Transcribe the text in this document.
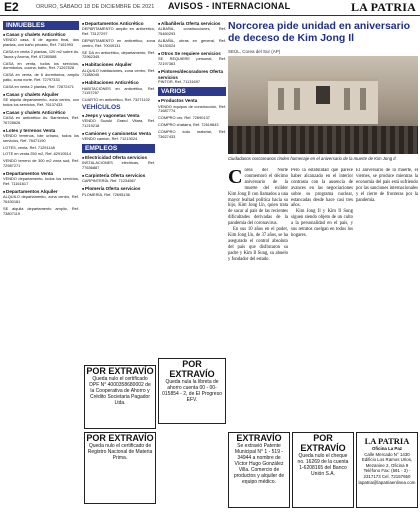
E2	ORURO, SÁBADO 18 DE DICIEMBRE DE 2021 AVISOS - INTERNACIONAL	LA PATRIA
INMUEBLES
■ Casas y chalets Anticrético
VENDO casa, 6 de agosto final, dos plantas, con baño privado, Ref. 7161993
CASA en venta 2 plantas, 120 m2 sobre Av. Tacna y Aroma, Ref. 67280588
CASA en venta, todos los servicios, dormitorios, cocina, baño, Ref. 71267528
CASA en venta, de 6 dormitorios, amplio patio, zona norte, Ref. 72797333
CASA en venta 2 plantas, Ref. 72672471
■ Casas y chalets Alquiler
SE alquila departamento, zona centro, con todos los servicios, Ref. 76137433
■ Casas y chalets Anticrético
CASA en anticrético Av. Barrientos, Ref. 76728626
■ Lotes y terrenos Venta
VENDO terrenos, lote urbano, todos los servicios, Ref. 78471190
LOTES, venta, Ref. 71291148
LOTE en venta 250 m2, Ref. 62910514
VENDO terreno de 300 m2 zona sud, Ref. 72987271
■ Departamentos Venta
VENDO departamento, todos los servicios, Ref. 71161617
■ Departamentos Alquiler
ALQUILO departamento, zona centro, Ref. 76430181
SE alquila departamento amplio, Ref. 73807119
■ Departamentos Anticrético
DEPARTAMENTO amplio en anticrético, Ref. 73127297
DEPARTAMENTO en anticrético, zona centro, Ref. 70049131
SE DA en anticrético, departamento, Ref. 72962345
■ Habitaciones Alquiler
ALQUILO habitaciones, zona centro, Ref. 71188045
■ Habitaciones Anticrético
HABITACIONES en anticrético, Ref. 71157257
CUARTO en anticrético, Ref. 73271102
VEHÍCULOS
■ Jeeps y vagonetas Venta
VENDO Suzuki Grand Vitara, Ref. 71219218
■ Camiones y camionetas Venta
VENDO camión, Ref. 71213024
EMPLEOS
■ Electricidad Oferta servicios
INSTALACIONES eléctricas, Ref. 77636887
■ Carpintería Oferta servicios
CARPINTERÍA, Ref. 71234567
■ Plomería Oferta servicios
PLOMERÍA, Ref. 72695136
■ Albañilería Oferta servicios
ALBAÑIL, construcciones, Ref. 75460293
ALBAÑIL, obras en general, Ref. 76130024
■ Otros Se requiere servicios
SE REQUIERE personal, Ref. 72197363
■ Pintores/decoradores Oferta servicios
PINTOR, Ref. 71131697
VARIOS
■ Productos Venta
VENDO equipos de construcción, Ref. 71687774
COMPRO oro, Ref. 72690137
COMPRO chatarra, Ref. 72619843
COMPRO todo material, Ref. 73627433
POR EXTRAVÍO
Queda nulo el certificado DPF N° 4000358680002 de la Cooperativa de Ahorro y Crédito Societaria Pagador Ltda.
POR EXTRAVÍO
Queda nula la libreta de ahorro cuenta 00 - 00-015854 - 2, de El Progreso EFV.
POR EXTRAVÍO
Queda nulo el certificado de Registro Nacional de Materia Prima.
EXTRAVÍO
Se extravió Patente Municipal N° 1 - 519 - 34944 a nombre de Víctor Hugo González Villa. Comercio de productos y alquiler de equipo médico.
POR EXTRAVÍO
Queda nulo el cheque no. 16269 de la cuenta 1-6208165 del Banco Unión S.A.
Norcorea pide unidad en aniversario de deceso de Kim Jong Il
SEÚL, Corea del Sur (AP)
Ciudadanos norcoreanos rinden homenaje en el aniversario de la muerte de Kim Jong Il.
Corea del Norte conmemoró el décimo aniversario de la muerte del exlíder Kim Jong Il con llamados a una mayor lealtad política hacia su hijo, Kim Jong Un, quien trata de sacar al país de las recientes dificultades derivadas de la pandemia del coronavirus.

En sus 10 años en el poder, Kim Jong Un, de 37 años, se ha asegurado el control absoluto del país que disfrutaron su padre y Kim Il Sung, su abuelo y fundador del estado.

Pero la estabilidad que parece haber alcanzado en el interior contrasta con la ausencia de avances en las negociaciones sobre su programa nuclear, estancadas desde hace casi tres años.

Kim Jong Il y Kim Il Sung siguen siendo objeto de un culto a la personalidad en el país, y sus retratos cuelgan en todos los hogares.

El aniversario de la muerte, el viernes, se produce mientras la economía del país está sufriendo por las sanciones internacionales y el cierre de fronteras por la pandemia.

LA PATRIA
Oficina La Paz
Calle Mercado N° 1430
Edificio Los Ramos Urios,
Mezanine 2, Oficina 9
Teléfono Fax: (591 - 2) -
2317173 Cel. 72157650
lapatria@lapatriaenlinea.com
